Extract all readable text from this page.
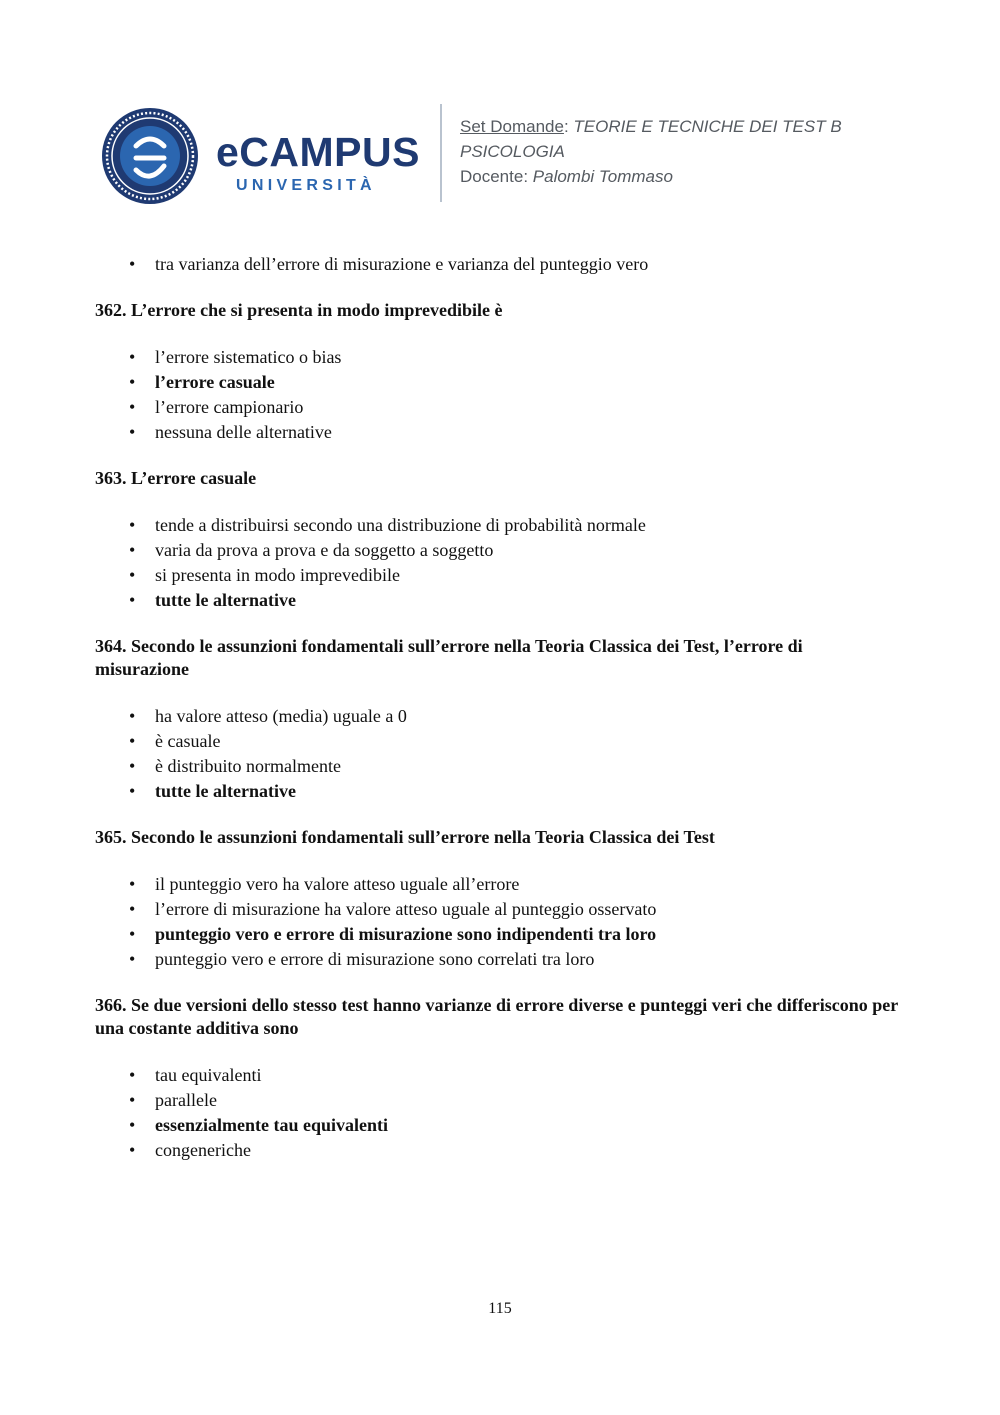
eCAMPUS
UNIVERSITÀ
Set Domande: TEORIE E TECNICHE DEI TEST B
PSICOLOGIA
Docente: Palombi Tommaso
• tra varianza dell’errore di misurazione e varianza del punteggio vero
362. L’errore che si presenta in modo imprevedibile è
• l’errore sistematico o bias
• l’errore casuale
• l’errore campionario
• nessuna delle alternative
363. L’errore casuale
• tende a distribuirsi secondo una distribuzione di probabilità normale
• varia da prova a prova e da soggetto a soggetto
• si presenta in modo imprevedibile
• tutte le alternative
364. Secondo le assunzioni fondamentali sull’errore nella Teoria Classica dei Test, l’errore di misurazione
• ha valore atteso (media) uguale a 0
• è casuale
• è distribuito normalmente
• tutte le alternative
365. Secondo le assunzioni fondamentali sull’errore nella Teoria Classica dei Test
• il punteggio vero ha valore atteso uguale all’errore
• l’errore di misurazione ha valore atteso uguale al punteggio osservato
• punteggio vero e errore di misurazione sono indipendenti tra loro
• punteggio vero e errore di misurazione sono correlati tra loro
366. Se due versioni dello stesso test hanno varianze di errore diverse e punteggi veri che differiscono per una costante additiva sono
• tau equivalenti
• parallele
• essenzialmente tau equivalenti
• congeneriche
115
